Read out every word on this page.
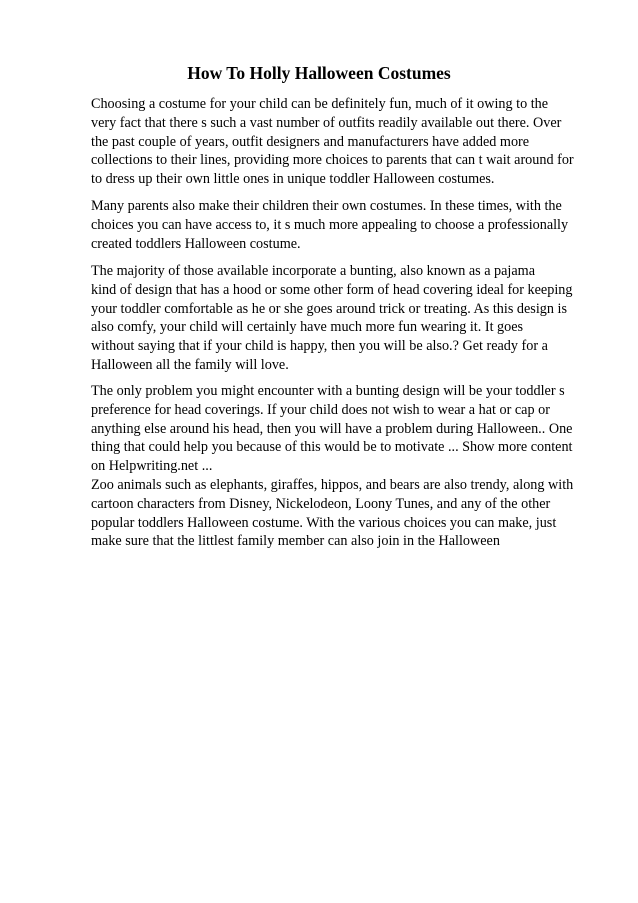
How To Holly Halloween Costumes

Choosing a costume for your child can be definitely fun, much of it owing to the
very fact that there s such a vast number of outfits readily available out there. Over
the past couple of years, outfit designers and manufacturers have added more
collections to their lines, providing more choices to parents that can t wait around for
to dress up their own little ones in unique toddler Halloween costumes.

Many parents also make their children their own costumes. In these times, with the
choices you can have access to, it s much more appealing to choose a professionally
created toddlers Halloween costume.

The majority of those available incorporate a bunting, also known as a pajama
kind of design that has a hood or some other form of head covering ideal for keeping
your toddler comfortable as he or she goes around trick or treating. As this design is
also comfy, your child will certainly have much more fun wearing it. It goes
without saying that if your child is happy, then you will be also.? Get ready for a
Halloween all the family will love.

The only problem you might encounter with a bunting design will be your toddler s
preference for head coverings. If your child does not wish to wear a hat or cap or
anything else around his head, then you will have a problem during Halloween.. One
thing that could help you because of this would be to motivate ... Show more content
on Helpwriting.net ...
Zoo animals such as elephants, giraffes, hippos, and bears are also trendy, along with
cartoon characters from Disney, Nickelodeon, Loony Tunes, and any of the other
popular toddlers Halloween costume. With the various choices you can make, just
make sure that the littlest family member can also join in the Halloween
